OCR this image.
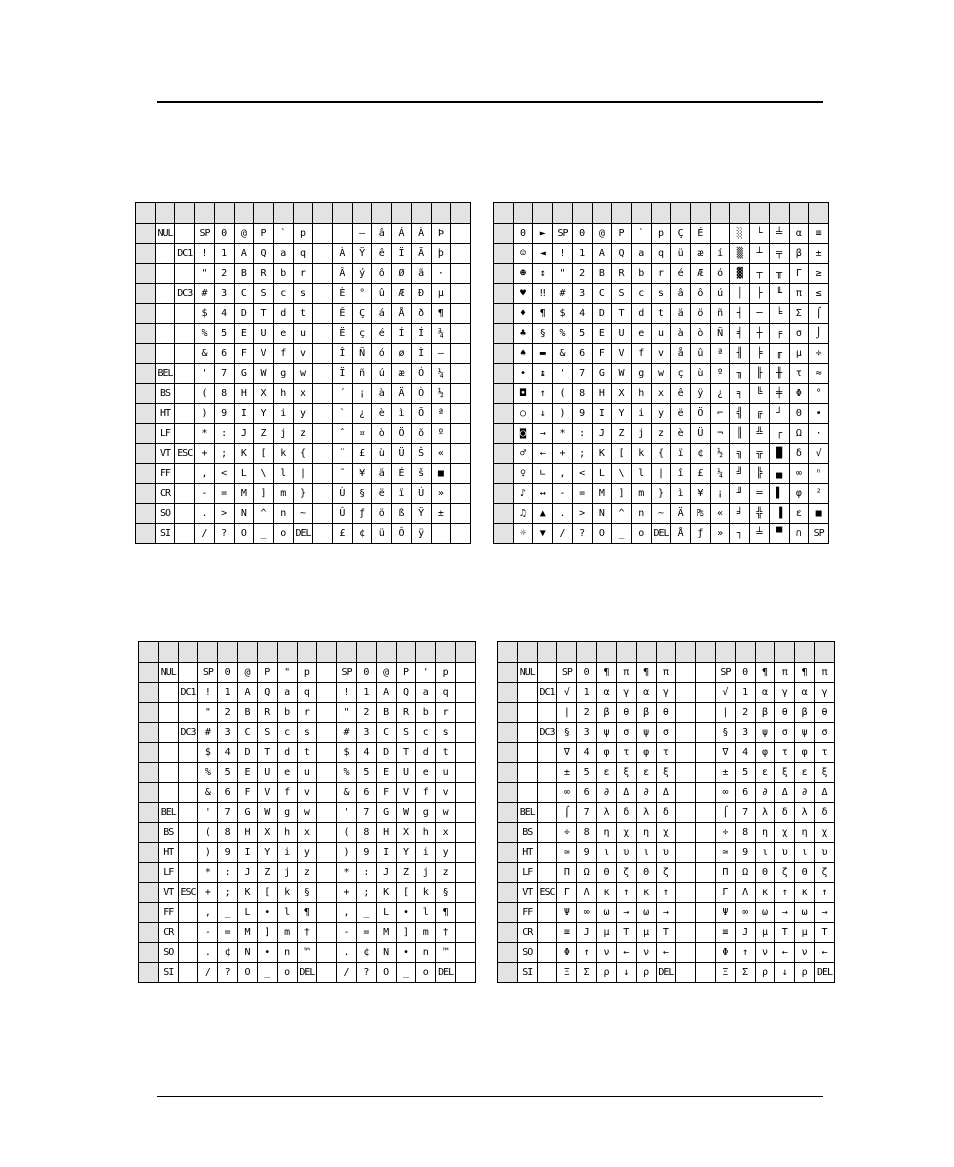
	NUL		SP	0	@	P	`	p			—	â	Á	À	Þ	
		DC1	!	1	A	Q	a	q		À	Ÿ	ê	Ï	Ã	þ	
			"	2	B	R	b	r		Â	ý	ô	Ø	ã	·	
		DC3	#	3	C	S	c	s		È	°	û	Æ	Ð	μ	
			$	4	D	T	d	t		Ê	Ç	á	Å	ð	¶	
			%	5	E	U	e	u		Ë	ç	é	Í	Í	¾	
			&	6	F	V	f	v		Î	Ñ	ó	ø	Ì	—	
	BEL		'	7	G	W	g	w		Ï	ñ	ú	æ	Ó	¼	
	BS		(	8	H	X	h	x		´	¡	à	Ä	Ò	½	
	HT		)	9	I	Y	i	y		`	¿	è	ì	Õ	ª	
	LF		*	:	J	Z	j	z		ˆ	¤	ò	Ö	õ	º	
	VT	ESC	+	;	K	[	k	{		¨	£	ù	Ü	Š	«	
	FF		,	<	L	\	l	|		˜	¥	ä	É	š	■	
	CR		-	=	M	]	m	}		Ù	§	ë	ï	Ú	»	
	SO		.	>	N	^	n	~		Û	ƒ	ö	ß	Ÿ	±	
	SI		/	?	O	_	o	DEL		£	¢	ü	Ô	ÿ		

	0	►	SP	0	@	P	`	p	Ç	É		░	└	╧	α	≡
	☺	◄	!	1	A	Q	a	q	ü	æ	í	▒	┴	╤	β	±
	☻	↕	"	2	B	R	b	r	é	Æ	ó	▓	┬	╥	Γ	≥
	♥	‼	#	3	C	S	c	s	â	ô	ú	│	├	╙	π	≤
	♦	¶	$	4	D	T	d	t	ä	ö	ñ	┤	─	╘	Σ	⌠
	♣	§	%	5	E	U	e	u	à	ò	Ñ	╡	┼	╒	σ	⌡
	♠	▬	&	6	F	V	f	v	å	û	ª	╢	╞	╓	μ	÷
	•	↨	'	7	G	W	g	w	ç	ù	º	╖	╟	╫	τ	≈
	◘	↑	(	8	H	X	h	x	ê	ÿ	¿	╕	╚	╪	Φ	°
	○	↓	)	9	I	Y	i	y	ë	Ö	⌐	╣	╔	┘	Θ	∙
	◙	→	*	:	J	Z	j	z	è	Ü	¬	║	╩	┌	Ω	·
	♂	←	+	;	K	[	k	{	ï	¢	½	╗	╦	█	δ	√
	♀	∟	,	<	L	\	l	|	î	£	¼	╝	╠	▄	∞	ⁿ
	♪	↔	-	=	M	]	m	}	ì	¥	¡	╜	═	▌	φ	²
	♫	▲	.	>	N	^	n	~	Ä	₧	«	╛	╬	▐	ε	■
	☼	▼	/	?	O	_	o	DEL	Å	ƒ	»	┐	╧	▀	∩	SP

	NUL		SP	0	@	P	"	p		SP	0	@	P	'	p	
		DC1	!	1	A	Q	a	q		!	1	A	Q	a	q	
			"	2	B	R	b	r		"	2	B	R	b	r	
		DC3	#	3	C	S	c	s		#	3	C	S	c	s	
			$	4	D	T	d	t		$	4	D	T	d	t	
			%	5	E	U	e	u		%	5	E	U	e	u	
			&	6	F	V	f	v		&	6	F	V	f	v	
	BEL		'	7	G	W	g	w		'	7	G	W	g	w	
	BS		(	8	H	X	h	x		(	8	H	X	h	x	
	HT		)	9	I	Y	i	y		)	9	I	Y	i	y	
	LF		*	:	J	Z	j	z		*	:	J	Z	j	z	
	VT	ESC	+	;	K	[	k	§		+	;	K	[	k	§	
	FF		,	_	L	•	l	¶		,	_	L	•	l	¶	
	CR		-	=	M	]	m	†		-	=	M	]	m	†	
	SO		.	¢	N	•	n	™		.	¢	N	•	n	™	
	SI		/	?	O	_	o	DEL		/	?	O	_	o	DEL	

	NUL		SP	0	¶	π	¶	π			SP	0	¶	π	¶	π
		DC1	√	1	α	γ	α	γ			√	1	α	γ	α	γ
			|	2	β	θ	β	θ			|	2	β	θ	β	θ
		DC3	§	3	ψ	σ	ψ	σ			§	3	ψ	σ	ψ	σ
			∇	4	φ	τ	φ	τ			∇	4	φ	τ	φ	τ
			±	5	ε	ξ	ε	ξ			±	5	ε	ξ	ε	ξ
			∞	6	∂	Δ	∂	Δ			∞	6	∂	Δ	∂	Δ
	BEL		⌠	7	λ	δ	λ	δ			⌠	7	λ	δ	λ	δ
	BS		÷	8	η	χ	η	χ			÷	8	η	χ	η	χ
	HT		≃	9	ι	υ	ι	υ			≃	9	ι	υ	ι	υ
	LF		Π	Ω	Θ	ζ	Θ	ζ			Π	Ω	Θ	ζ	Θ	ζ
	VT	ESC	Γ	Λ	κ	↑	κ	↑			Γ	Λ	κ	↑	κ	↑
	FF		Ψ	∞	ω	→	ω	→			Ψ	∞	ω	→	ω	→
	CR		≡	J	μ	T	μ	T			≡	J	μ	T	μ	T
	SO		Φ	↑	ν	←	ν	←			Φ	↑	ν	←	ν	←
	SI		Ξ	Σ	ρ	↓	ρ	DEL			Ξ	Σ	ρ	↓	ρ	DEL
